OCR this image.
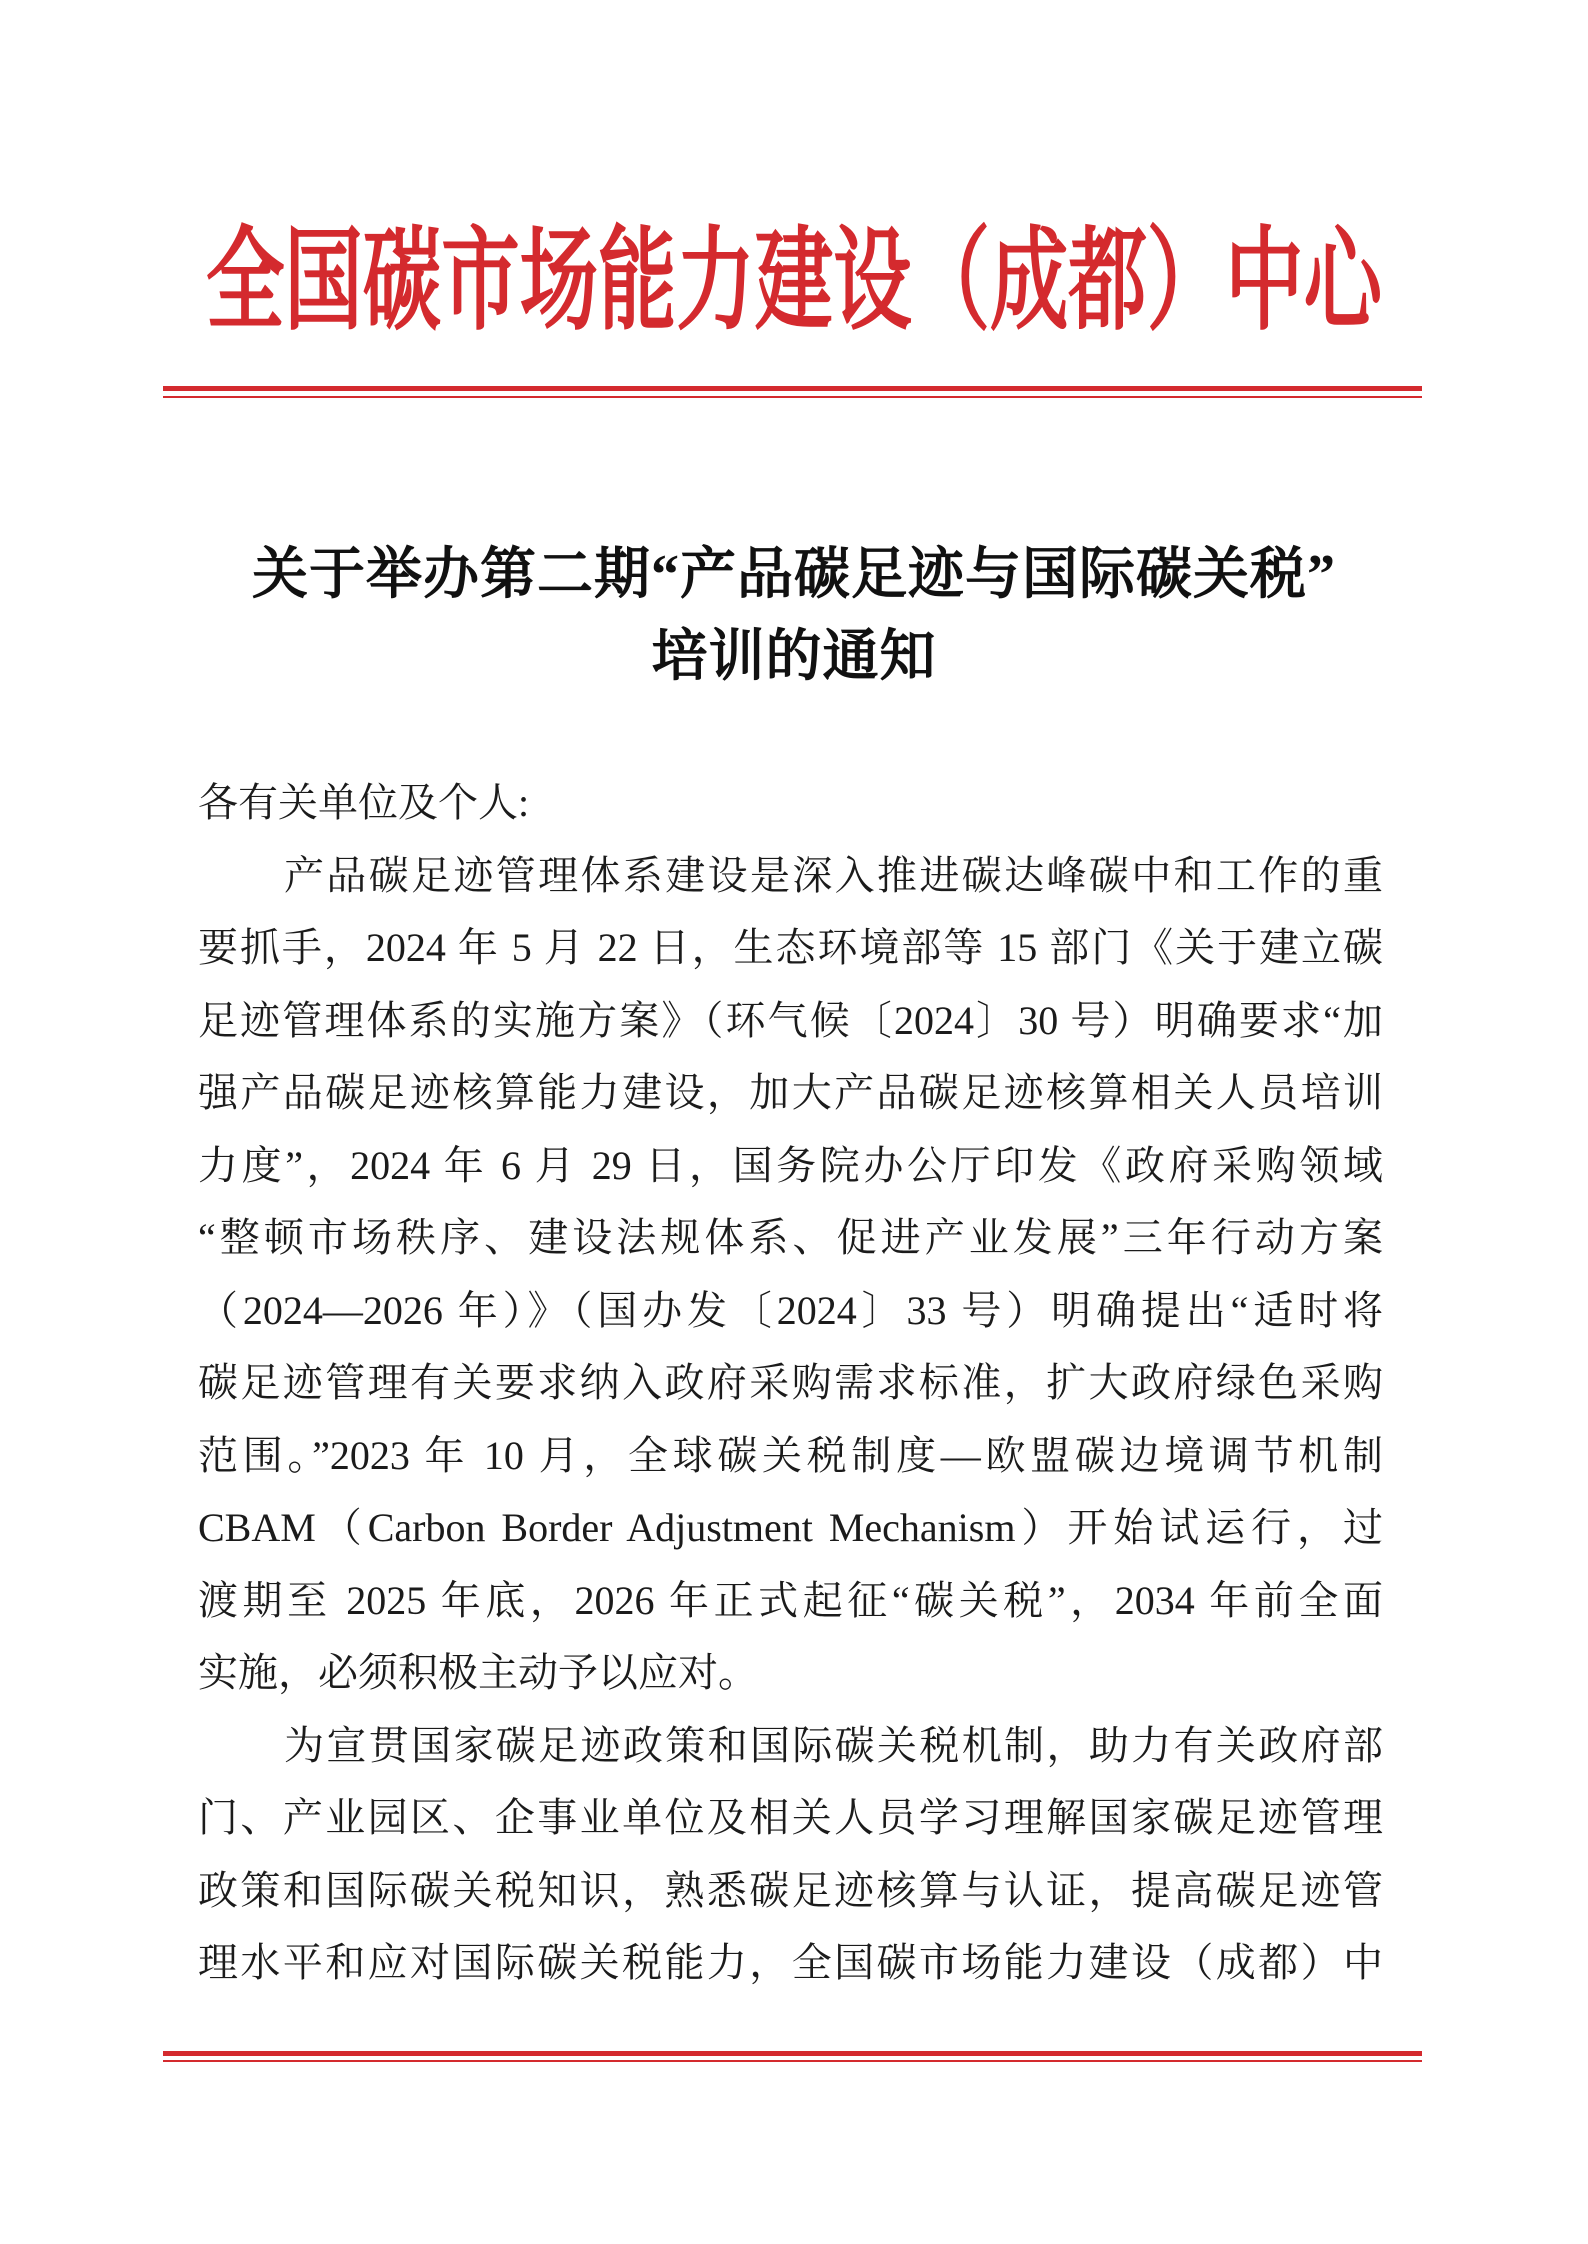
全国碳市场能力建设（成都）中心
关于举办第二期“产品碳足迹与国际碳关税”
培训的通知
各有关单位及个人:
产品碳足迹管理体系建设是深入推进碳达峰碳中和工作的重
要抓手，2024 年 5 月 22 日，生态环境部等 15 部门《关于建立碳
足迹管理体系的实施方案》（环气候〔2024〕30 号）明确要求“加
强产品碳足迹核算能力建设，加大产品碳足迹核算相关人员培训
力度”，2024 年 6 月 29 日，国务院办公厅印发《政府采购领域
“整顿市场秩序、建设法规体系、促进产业发展”三年行动方案
（2024—2026 年）》（国办发〔2024〕33 号）明确提出“适时将
碳足迹管理有关要求纳入政府采购需求标准，扩大政府绿色采购
范围。”2023 年 10 月，全球碳关税制度—欧盟碳边境调节机制
CBAM（Carbon Border Adjustment Mechanism）开始试运行，过
渡期至 2025 年底，2026 年正式起征“碳关税”，2034 年前全面
实施，必须积极主动予以应对。
为宣贯国家碳足迹政策和国际碳关税机制，助力有关政府部
门、产业园区、企事业单位及相关人员学习理解国家碳足迹管理
政策和国际碳关税知识，熟悉碳足迹核算与认证，提高碳足迹管
理水平和应对国际碳关税能力，全国碳市场能力建设（成都）中
